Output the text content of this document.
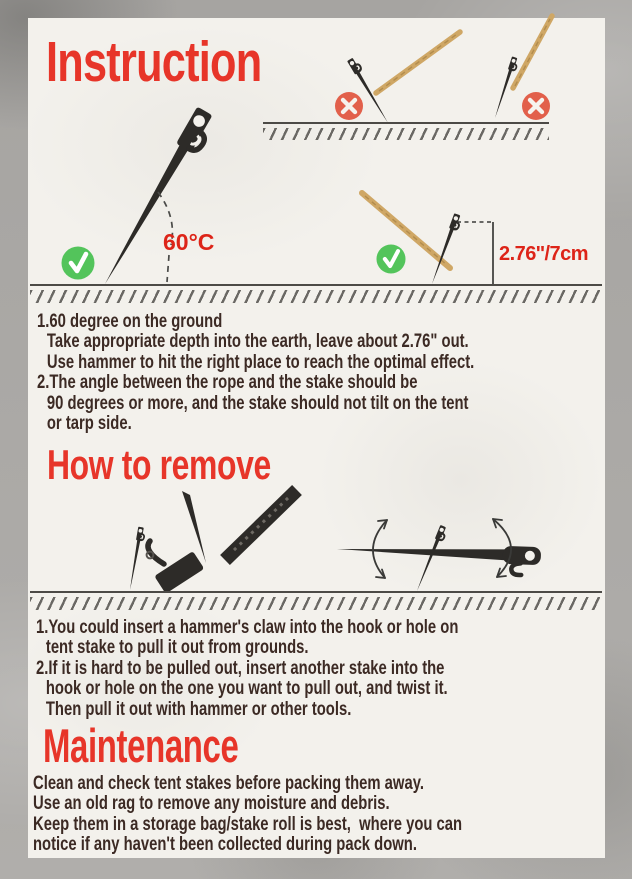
Instruction
60°C	2.76''/7cm
1.60 degree on the ground
Take appropriate depth into the earth, leave about 2.76" out.
Use hammer to hit the right place to reach the optimal effect.
2.The angle between the rope and the stake should be
90 degrees or more, and the stake should not tilt on the tent
or tarp side.
How to remove
1.You could insert a hammer's claw into the hook or hole on
tent stake to pull it out from grounds.
2.If it is hard to be pulled out, insert another stake into the
hook or hole on the one you want to pull out, and twist it.
Then pull it out with hammer or other tools.
Maintenance
Clean and check tent stakes before packing them away.
Use an old rag to remove any moisture and debris.
Keep them in a storage bag/stake roll is best,  where you can
notice if any haven't been collected during pack down.
